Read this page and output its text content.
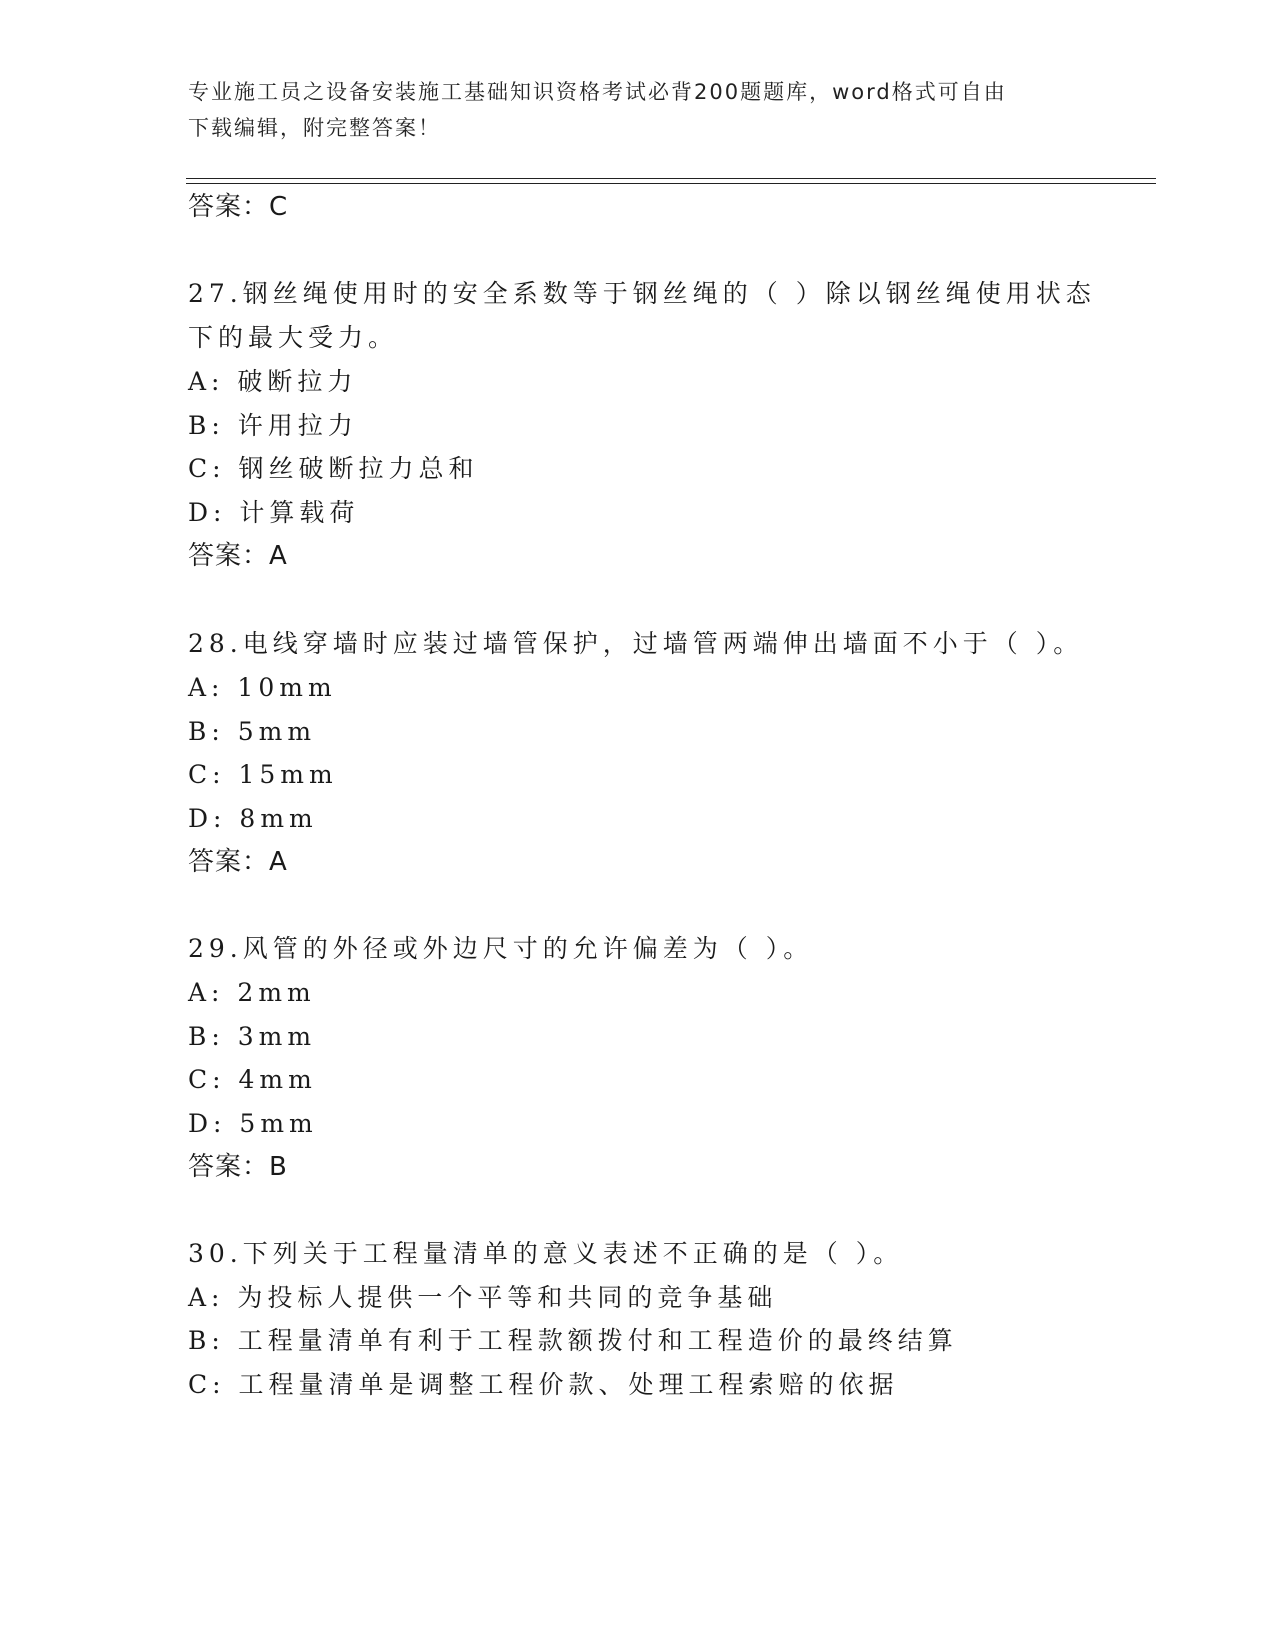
专业施工员之设备安装施工基础知识资格考试必背200题题库，word格式可自由
下载编辑，附完整答案！
答案：C
27.钢丝绳使用时的安全系数等于钢丝绳的（ ）除以钢丝绳使用状态
下的最大受力。
A: 破断拉力
B: 许用拉力
C: 钢丝破断拉力总和
D: 计算载荷
答案：A
28.电线穿墙时应装过墙管保护，过墙管两端伸出墙面不小于（ ）。
A: 10mm
B: 5mm
C: 15mm
D: 8mm
答案：A
29.风管的外径或外边尺寸的允许偏差为（ ）。
A: 2mm
B: 3mm
C: 4mm
D: 5mm
答案：B
30.下列关于工程量清单的意义表述不正确的是（ ）。
A: 为投标人提供一个平等和共同的竞争基础
B: 工程量清单有利于工程款额拨付和工程造价的最终结算
C: 工程量清单是调整工程价款、处理工程索赔的依据
